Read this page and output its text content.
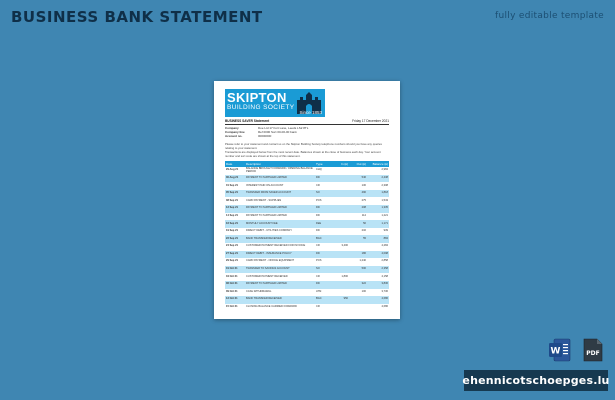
BUSINESS BANK STATEMENT	fully editable template
SKIPTON
BUILDING SOCIETY
Since 1853
BUSINESS SAVER Statement	Friday 17 December 2021
Company
Company line
Account no.
Doe Ltd 17 Fort Lane, Leeds LS2 8TL
Ref 0000 Sort 00-00-00 bank
00000000
Please refer to your statement and contact us on the Skipton Building Society telephone numbers should you have any queries relating to your statement.
Transactions are displayed below from the most recent date. Balances shown at the close of business each day. Your account number and sort code are shown at the top of this statement.
Date	Description	Type	In (£)	Out (£)	Balance (£)
29 Aug 21	BALANCE BROUGHT FORWARD / OPENING BALANCE PERIOD	CHQ			2,984
30 Aug 21	PAYMENT TO SUPPLIER LIMITED	DD		546	2,438
01 Sep 21	INTEREST PAID ON ACCOUNT	CR		130	2,308
05 Sep 21	TRANSFER FROM SAVER ACCOUNT	SO		490	1,818
08 Sep 21	CARD PAYMENT - SUPPLIES	POS		275	1,543
12 Sep 21	PAYMENT TO SUPPLIER LIMITED	DD		208	1,335
14 Sep 21	PAYMENT TO SUPPLIER LIMITED	DD		114	1,221
16 Sep 21	MONTHLY ACCOUNT FEE	FEE		50	1,171
19 Sep 21	DIRECT DEBIT - UTILITIES COMPANY	DD		232	939
22 Sep 21	BANK TRANSFER RECEIVED	BGC		55	884
24 Sep 21	CUSTOMER PAYMENT RECEIVED FOR INVOICE	CR	3,400		4,284
27 Sep 21	DIRECT DEBIT - INSURANCE POLICY	DD		186	4,098
29 Sep 21	CARD PAYMENT - OFFICE EQUIPMENT	POS		1,240	2,858
01 Oct 21	TRANSFER TO SAVINGS ACCOUNT	SO		500	2,358
04 Oct 21	CUSTOMER PAYMENT RECEIVED	CR	1,800		4,158
06 Oct 21	PAYMENT TO SUPPLIER LIMITED	DD		322	3,836
09 Oct 21	CASH WITHDRAWAL	ATM		100	3,736
12 Oct 21	BANK TRANSFER RECEIVED	BGC	950		4,686
15 Oct 21	CLOSING BALANCE CARRIED FORWARD	CR			4,686
W	PDF
ehennicotschoepges.lu
